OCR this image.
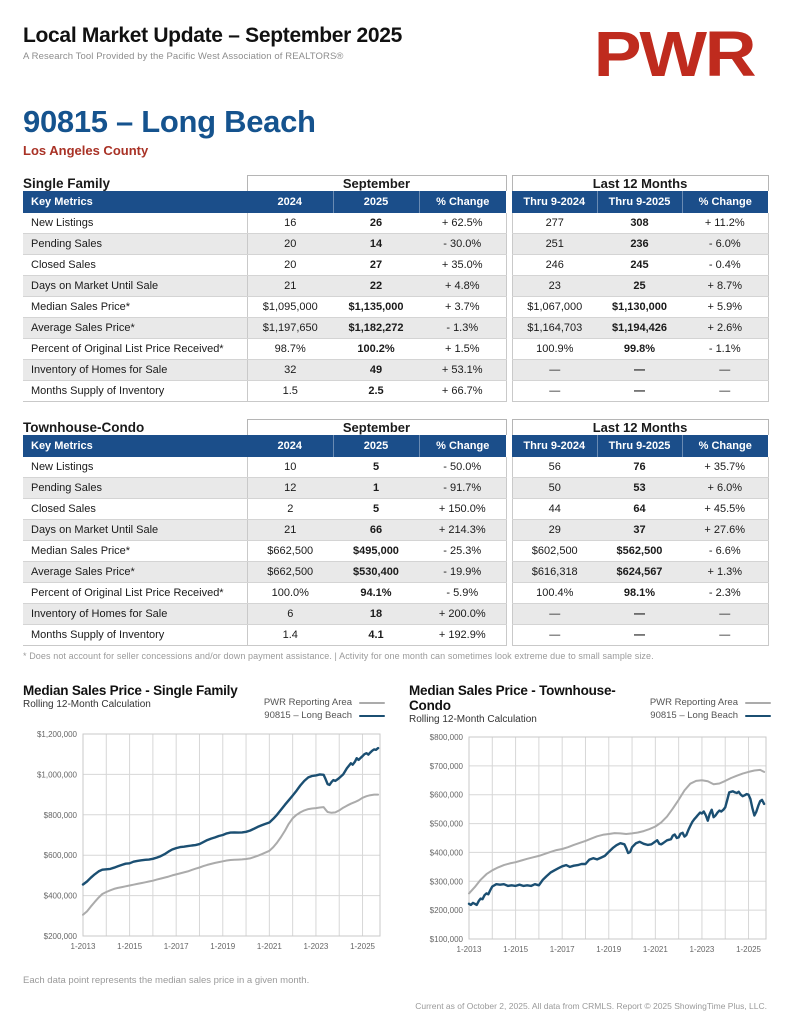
Local Market Update – September 2025
A Research Tool Provided by the Pacific West Association of REALTORS®	PWR
90815 – Long Beach
Los Angeles County
Single Family	September				Last 12 Months		
Key Metrics	2024	2025	% Change		Thru 9-2024	Thru 9-2025	% Change
New Listings	16	26	+ 62.5%		277	308	+ 11.2%
Pending Sales	20	14	- 30.0%		251	236	- 6.0%
Closed Sales	20	27	+ 35.0%		246	245	- 0.4%
Days on Market Until Sale	21	22	+ 4.8%		23	25	+ 8.7%
Median Sales Price*	$1,095,000	$1,135,000	+ 3.7%		$1,067,000	$1,130,000	+ 5.9%
Average Sales Price*	$1,197,650	$1,182,272	- 1.3%		$1,164,703	$1,194,426	+ 2.6%
Percent of Original List Price Received*	98.7%	100.2%	+ 1.5%		100.9%	99.8%	- 1.1%
Inventory of Homes for Sale	32	49	+ 53.1%		—	—	—
Months Supply of Inventory	1.5	2.5	+ 66.7%		—	—	—
Townhouse-Condo	September				Last 12 Months		
Key Metrics	2024	2025	% Change		Thru 9-2024	Thru 9-2025	% Change
New Listings	10	5	- 50.0%		56	76	+ 35.7%
Pending Sales	12	1	- 91.7%		50	53	+ 6.0%
Closed Sales	2	5	+ 150.0%		44	64	+ 45.5%
Days on Market Until Sale	21	66	+ 214.3%		29	37	+ 27.6%
Median Sales Price*	$662,500	$495,000	- 25.3%		$602,500	$562,500	- 6.6%
Average Sales Price*	$662,500	$530,400	- 19.9%		$616,318	$624,567	+ 1.3%
Percent of Original List Price Received*	100.0%	94.1%	- 5.9%		100.4%	98.1%	- 2.3%
Inventory of Homes for Sale	6	18	+ 200.0%		—	—	—
Months Supply of Inventory	1.4	4.1	+ 192.9%		—	—	—
* Does not account for seller concessions and/or down payment assistance. | Activity for one month can sometimes look extreme due to small sample size.
Median Sales Price - Single Family
Rolling 12-Month Calculation	PWR Reporting Area
90815 – Long Beach
$200,000
$400,000
$600,000
$800,000
$1,000,000
$1,200,000
1-2013	1-2015	1-2017	1-2019	1-2021	1-2023	1-2025
Median Sales Price - Townhouse-Condo
Rolling 12-Month Calculation
PWR Reporting Area
90815 – Long Beach
$100,000
$200,000
$300,000
$400,000
$500,000
$600,000
$700,000
$800,000
1-2013	1-2015	1-2017	1-2019	1-2021	1-2023	1-2025
Each data point represents the median sales price in a given month.
Current as of October 2, 2025. All data from CRMLS. Report © 2025 ShowingTime Plus, LLC.
